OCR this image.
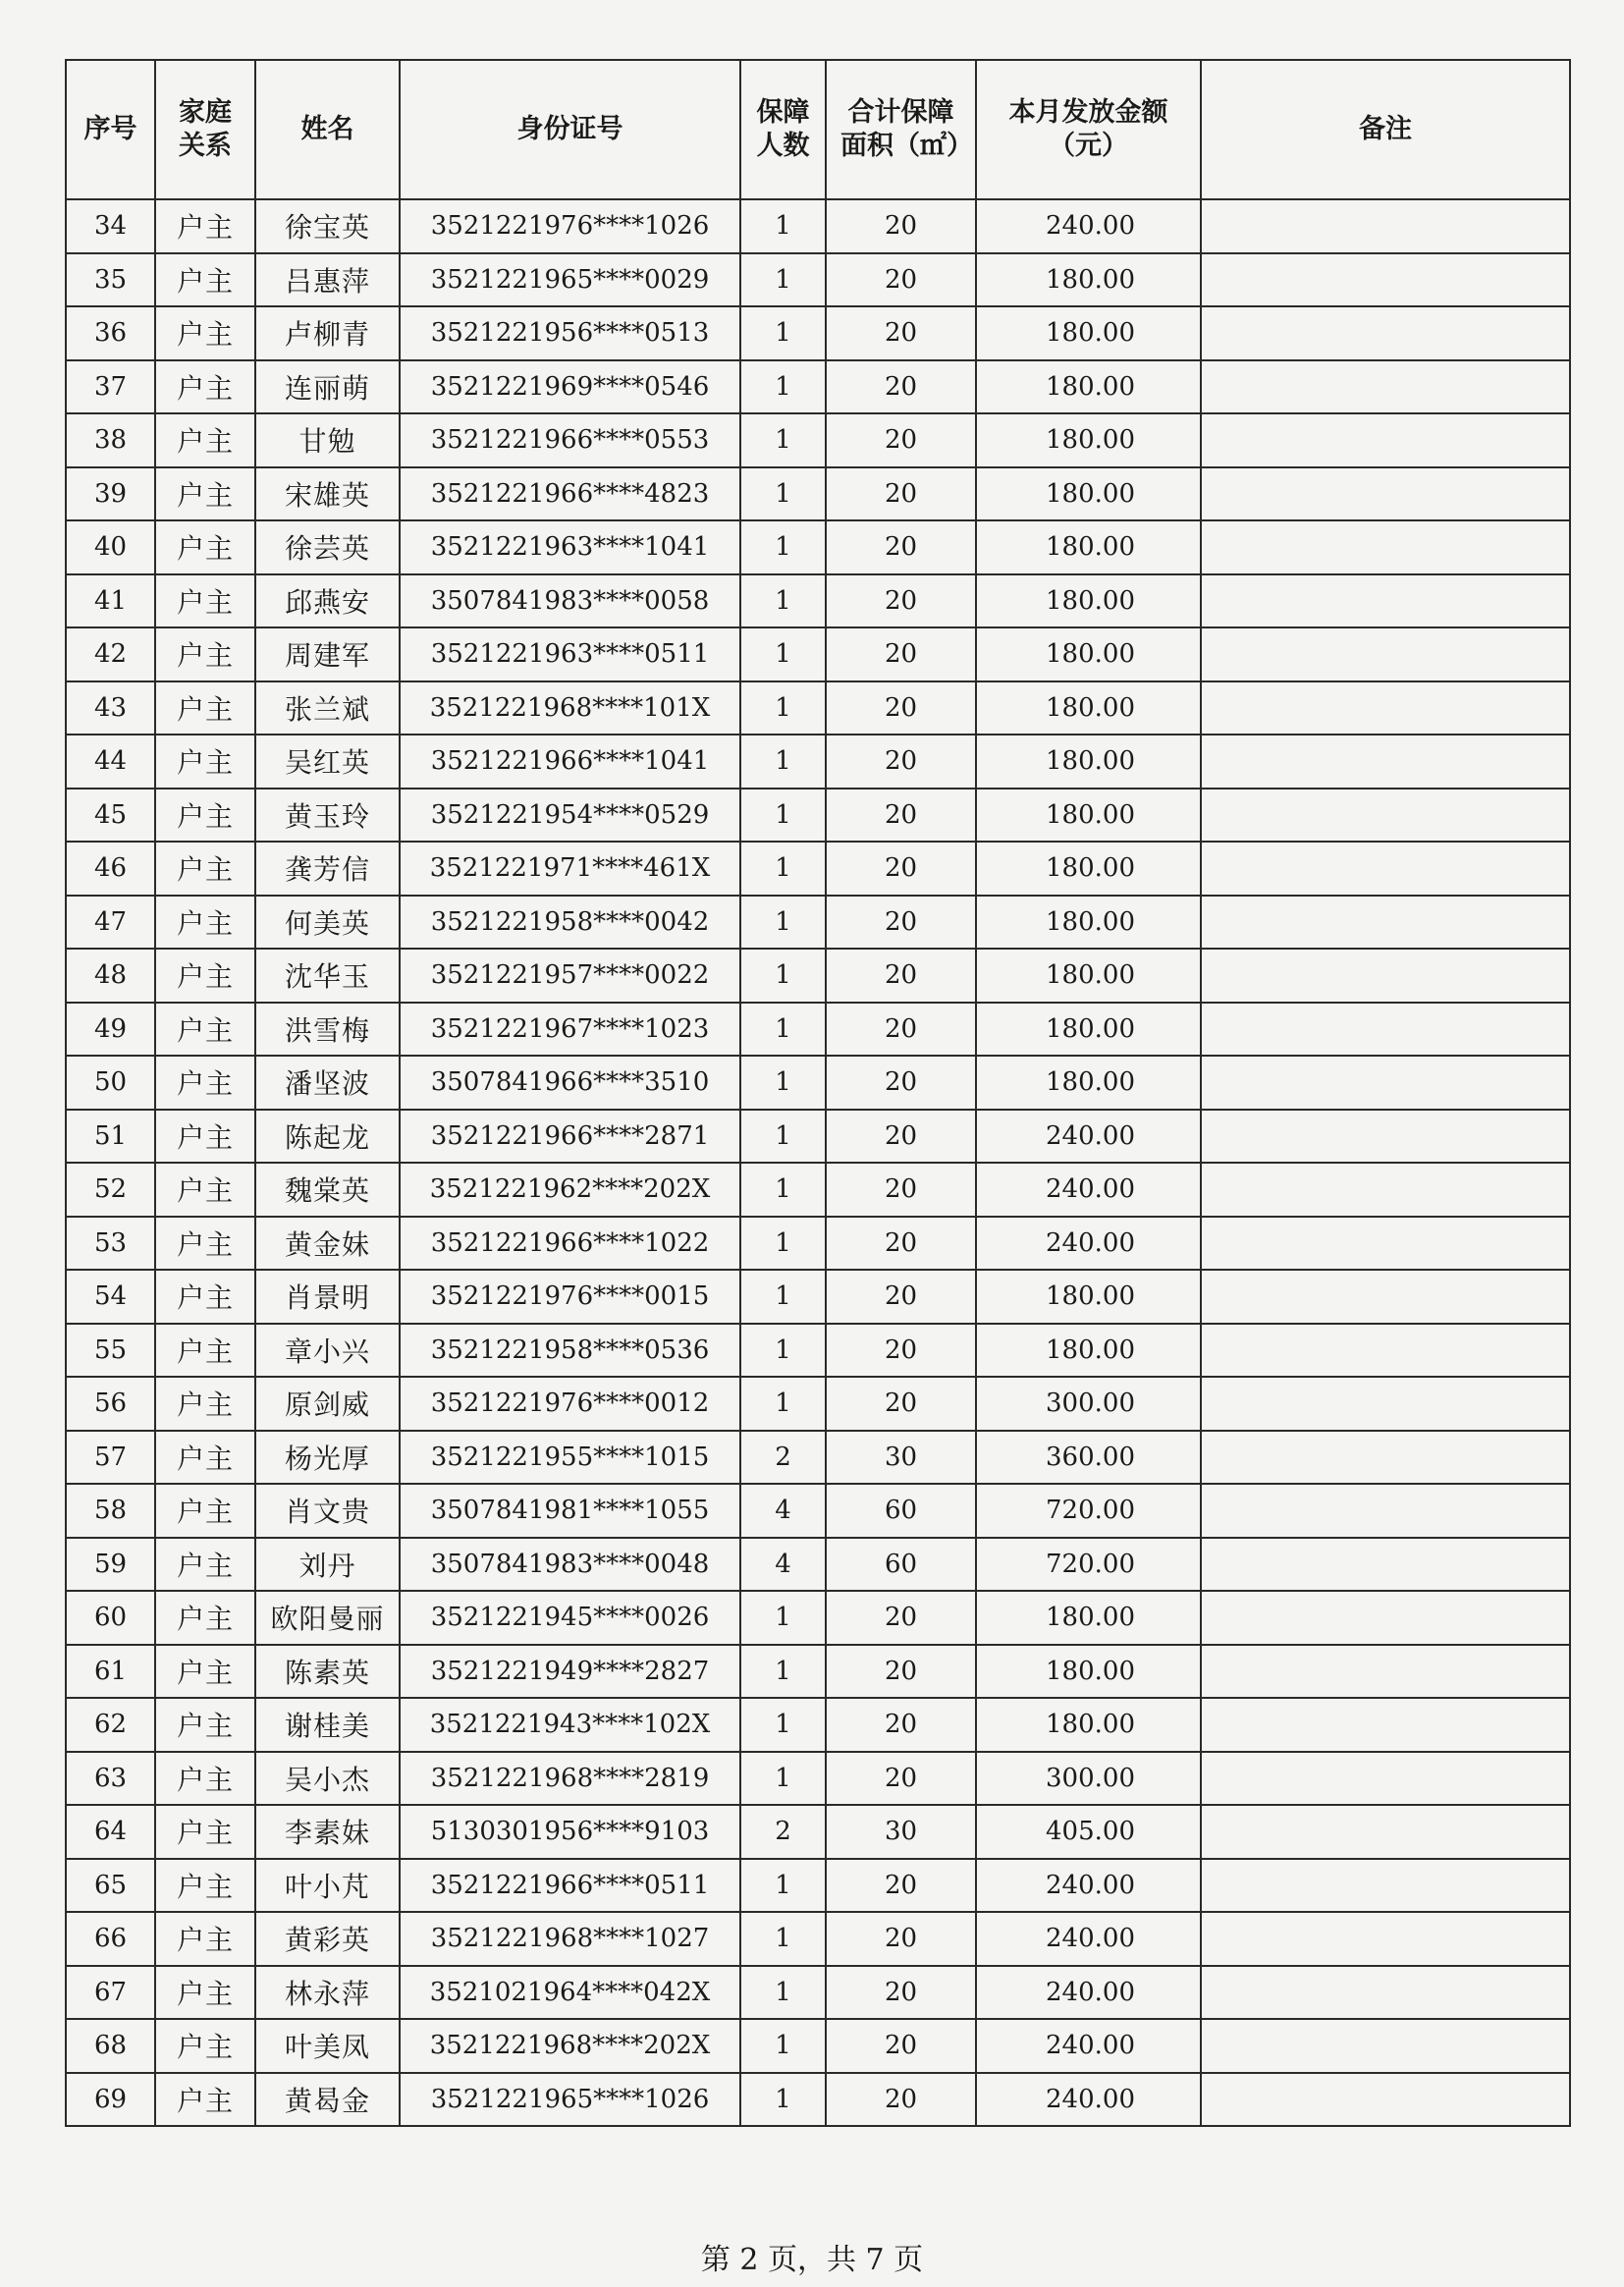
序号	家庭关系	姓名	身份证号	保障人数	合计保障面积（㎡）	本月发放金额（元）	备注
34	户主	徐宝英	3521221976****1026	1	20	240.00	
35	户主	吕惠萍	3521221965****0029	1	20	180.00	
36	户主	卢柳青	3521221956****0513	1	20	180.00	
37	户主	连丽萌	3521221969****0546	1	20	180.00	
38	户主	甘勉	3521221966****0553	1	20	180.00	
39	户主	宋雄英	3521221966****4823	1	20	180.00	
40	户主	徐芸英	3521221963****1041	1	20	180.00	
41	户主	邱燕安	3507841983****0058	1	20	180.00	
42	户主	周建军	3521221963****0511	1	20	180.00	
43	户主	张兰斌	3521221968****101X	1	20	180.00	
44	户主	吴红英	3521221966****1041	1	20	180.00	
45	户主	黄玉玲	3521221954****0529	1	20	180.00	
46	户主	龚芳信	3521221971****461X	1	20	180.00	
47	户主	何美英	3521221958****0042	1	20	180.00	
48	户主	沈华玉	3521221957****0022	1	20	180.00	
49	户主	洪雪梅	3521221967****1023	1	20	180.00	
50	户主	潘坚波	3507841966****3510	1	20	180.00	
51	户主	陈起龙	3521221966****2871	1	20	240.00	
52	户主	魏棠英	3521221962****202X	1	20	240.00	
53	户主	黄金妹	3521221966****1022	1	20	240.00	
54	户主	肖景明	3521221976****0015	1	20	180.00	
55	户主	章小兴	3521221958****0536	1	20	180.00	
56	户主	原剑威	3521221976****0012	1	20	300.00	
57	户主	杨光厚	3521221955****1015	2	30	360.00	
58	户主	肖文贵	3507841981****1055	4	60	720.00	
59	户主	刘丹	3507841983****0048	4	60	720.00	
60	户主	欧阳曼丽	3521221945****0026	1	20	180.00	
61	户主	陈素英	3521221949****2827	1	20	180.00	
62	户主	谢桂美	3521221943****102X	1	20	180.00	
63	户主	吴小杰	3521221968****2819	1	20	300.00	
64	户主	李素妹	5130301956****9103	2	30	405.00	
65	户主	叶小芃	3521221966****0511	1	20	240.00	
66	户主	黄彩英	3521221968****1027	1	20	240.00	
67	户主	林永萍	3521021964****042X	1	20	240.00	
68	户主	叶美凤	3521221968****202X	1	20	240.00	
69	户主	黄曷金	3521221965****1026	1	20	240.00	
第 2 页，共 7 页
